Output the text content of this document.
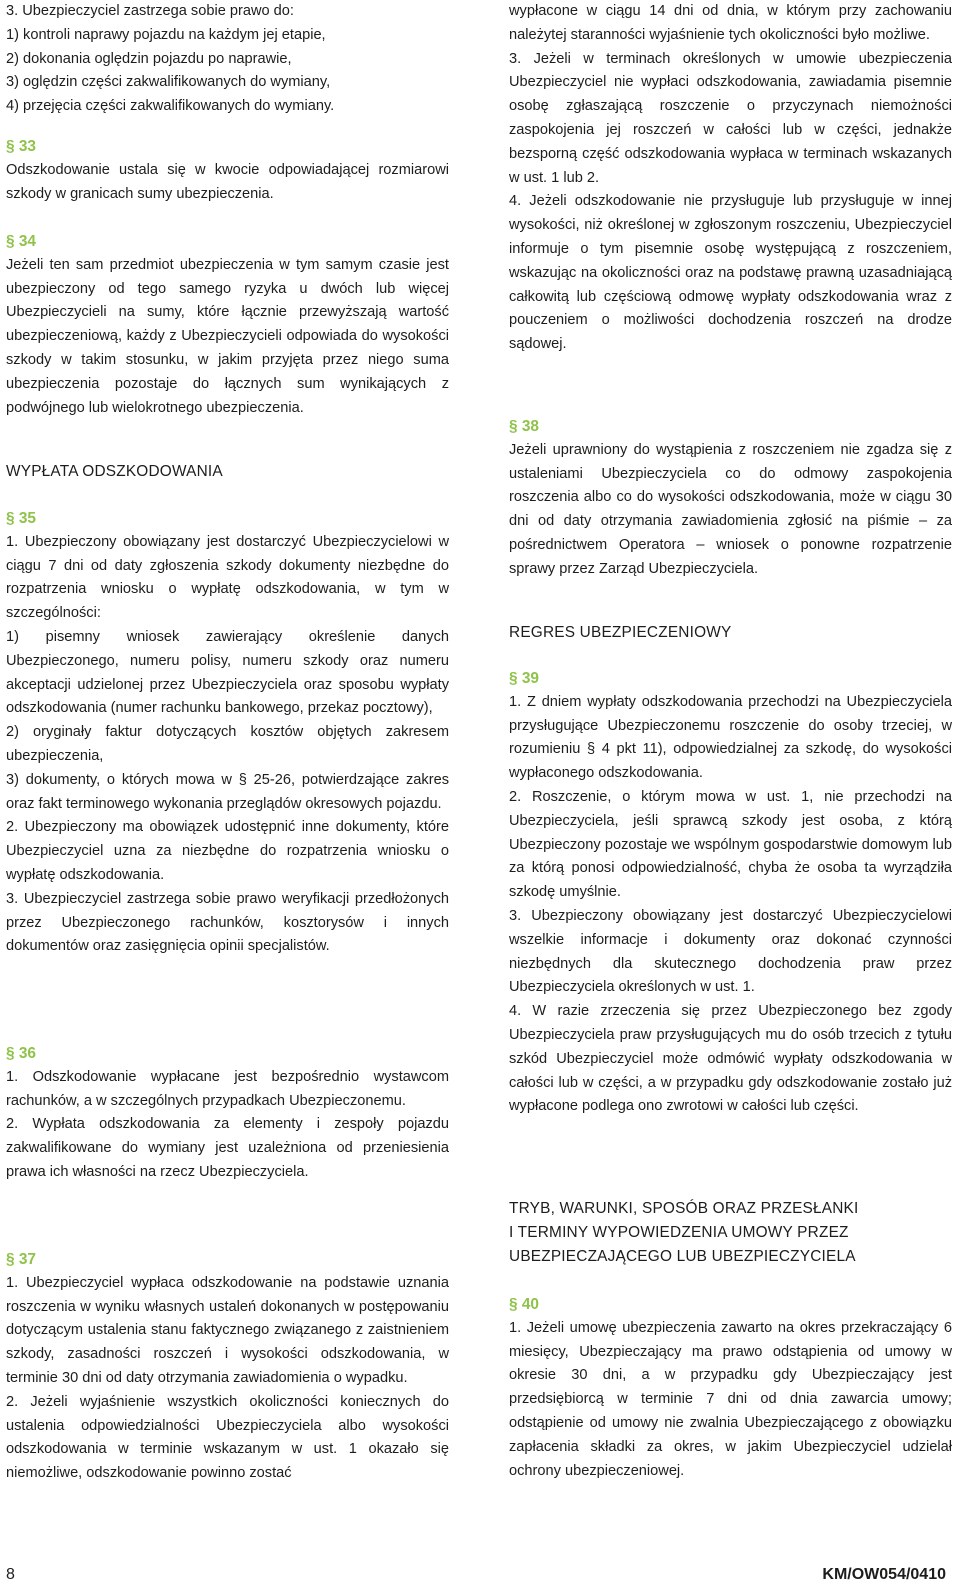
3. Ubezpieczyciel zastrzega sobie prawo do:

1) kontroli naprawy pojazdu na każdym jej etapie,

2) dokonania oględzin pojazdu po naprawie,

3) oględzin części zakwalifikowanych do wymiany,

4) przejęcia części zakwalifikowanych do wymiany.

§ 33

Odszkodowanie ustala się w kwocie odpowiadającej rozmiarowi szkody w granicach sumy ubezpieczenia.

§ 34

Jeżeli ten sam przedmiot ubezpieczenia w tym samym czasie jest ubezpieczony od tego samego ryzyka u dwóch lub więcej Ubezpieczycieli na sumy, które łącznie przewyższają wartość ubezpieczeniową, każdy z Ubezpieczycieli odpowiada do wysokości szkody w takim stosunku, w jakim przyjęta przez niego suma ubezpieczenia pozostaje do łącznych sum wynikających z podwójnego lub wielokrotnego ubezpieczenia.

WYPŁATA ODSZKODOWANIA
§ 35

1. Ubezpieczony obowiązany jest dostarczyć Ubezpieczycielowi w ciągu 7 dni od daty zgłoszenia szkody dokumenty niezbędne do rozpatrzenia wniosku o wypłatę odszkodowania, w tym w szczególności:

1) pisemny wniosek zawierający określenie danych Ubezpieczonego, numeru polisy, numeru szkody oraz numeru akceptacji udzielonej przez Ubezpieczyciela oraz sposobu wypłaty odszkodowania (numer rachunku bankowego, przekaz pocztowy),

2) oryginały faktur dotyczących kosztów objętych zakresem ubezpieczenia,

3) dokumenty, o których mowa w § 25-26, potwierdzające zakres oraz fakt terminowego wykonania przeglądów okresowych pojazdu.

2. Ubezpieczony ma obowiązek udostępnić inne dokumenty, które Ubezpieczyciel uzna za niezbędne do rozpatrzenia wniosku o wypłatę odszkodowania.

3. Ubezpieczyciel zastrzega sobie prawo weryfikacji przedłożonych przez Ubezpieczonego rachunków, kosztorysów i innych dokumentów oraz zasięgnięcia opinii specjalistów.

§ 36

1. Odszkodowanie wypłacane jest bezpośrednio wystawcom rachunków, a w szczególnych przypadkach Ubezpieczonemu.

2. Wypłata odszkodowania za elementy i zespoły pojazdu zakwalifikowane do wymiany jest uzależniona od przeniesienia prawa ich własności na rzecz Ubezpieczyciela.

§ 37

1. Ubezpieczyciel wypłaca odszkodowanie na podstawie uznania roszczenia w wyniku własnych ustaleń dokonanych w postępowaniu dotyczącym ustalenia stanu faktycznego związanego z zaistnieniem szkody, zasadności roszczeń i wysokości odszkodowania, w terminie 30 dni od daty otrzymania zawiadomienia o wypadku.

2. Jeżeli wyjaśnienie wszystkich okoliczności koniecznych do ustalenia odpowiedzialności Ubezpieczyciela albo wysokości odszkodowania w terminie wskazanym w ust. 1 okazało się niemożliwe, odszkodowanie powinno zostać

wypłacone w ciągu 14 dni od dnia, w którym przy zachowaniu należytej staranności wyjaśnienie tych okoliczności było możliwe.

3. Jeżeli w terminach określonych w umowie ubezpieczenia Ubezpieczyciel nie wypłaci odszkodowania, zawiadamia pisemnie osobę zgłaszającą roszczenie o przyczynach niemożności zaspokojenia jej roszczeń w całości lub w części, jednakże bezsporną część odszkodowania wypłaca w terminach wskazanych w ust. 1 lub 2.

4. Jeżeli odszkodowanie nie przysługuje lub przysługuje w innej wysokości, niż określonej w zgłoszonym roszczeniu, Ubezpieczyciel informuje o tym pisemnie osobę występującą z roszczeniem, wskazując na okoliczności oraz na podstawę prawną uzasadniającą całkowitą lub częściową odmowę wypłaty odszkodowania wraz z pouczeniem o możliwości dochodzenia roszczeń na drodze sądowej.

§ 38

Jeżeli uprawniony do wystąpienia z roszczeniem nie zgadza się z ustaleniami Ubezpieczyciela co do odmowy zaspokojenia roszczenia albo co do wysokości odszkodowania, może w ciągu 30 dni od daty otrzymania zawiadomienia zgłosić na piśmie – za pośrednictwem Operatora – wniosek o ponowne rozpatrzenie sprawy przez Zarząd Ubezpieczyciela.

REGRES UBEZPIECZENIOWY
§ 39

1. Z dniem wypłaty odszkodowania przechodzi na Ubezpieczyciela przysługujące Ubezpieczonemu roszczenie do osoby trzeciej, w rozumieniu § 4 pkt 11), odpowiedzialnej za szkodę, do wysokości wypłaconego odszkodowania.

2. Roszczenie, o którym mowa w ust. 1, nie przechodzi na Ubezpieczyciela, jeśli sprawcą szkody jest osoba, z którą Ubezpieczony pozostaje we wspólnym gospodarstwie domowym lub za którą ponosi odpowiedzialność, chyba że osoba ta wyrządziła szkodę umyślnie.

3. Ubezpieczony obowiązany jest dostarczyć Ubezpieczycielowi wszelkie informacje i dokumenty oraz dokonać czynności niezbędnych dla skutecznego dochodzenia praw przez Ubezpieczyciela określonych w ust. 1.

4. W razie zrzeczenia się przez Ubezpieczonego bez zgody Ubezpieczyciela praw przysługujących mu do osób trzecich z tytułu szkód Ubezpieczyciel może odmówić wypłaty odszkodowania w całości lub w części, a w przypadku gdy odszkodowanie zostało już wypłacone podlega ono zwrotowi w całości lub części.

TRYB, WARUNKI, SPOSÓB ORAZ PRZESŁANKI
I TERMINY WYPOWIEDZENIA UMOWY PRZEZ
UBEZPIECZAJĄCEGO LUB UBEZPIECZYCIELA
§ 40

1. Jeżeli umowę ubezpieczenia zawarto na okres przekraczający 6 miesięcy, Ubezpieczający ma prawo odstąpienia od umowy w okresie 30 dni, a w przypadku gdy Ubezpieczający jest przedsiębiorcą w terminie 7 dni od dnia zawarcia umowy; odstąpienie od umowy nie zwalnia Ubezpieczającego z obowiązku zapłacenia składki za okres, w jakim Ubezpieczyciel udzielał ochrony ubezpieczeniowej.

8	KM/OW054/0410
